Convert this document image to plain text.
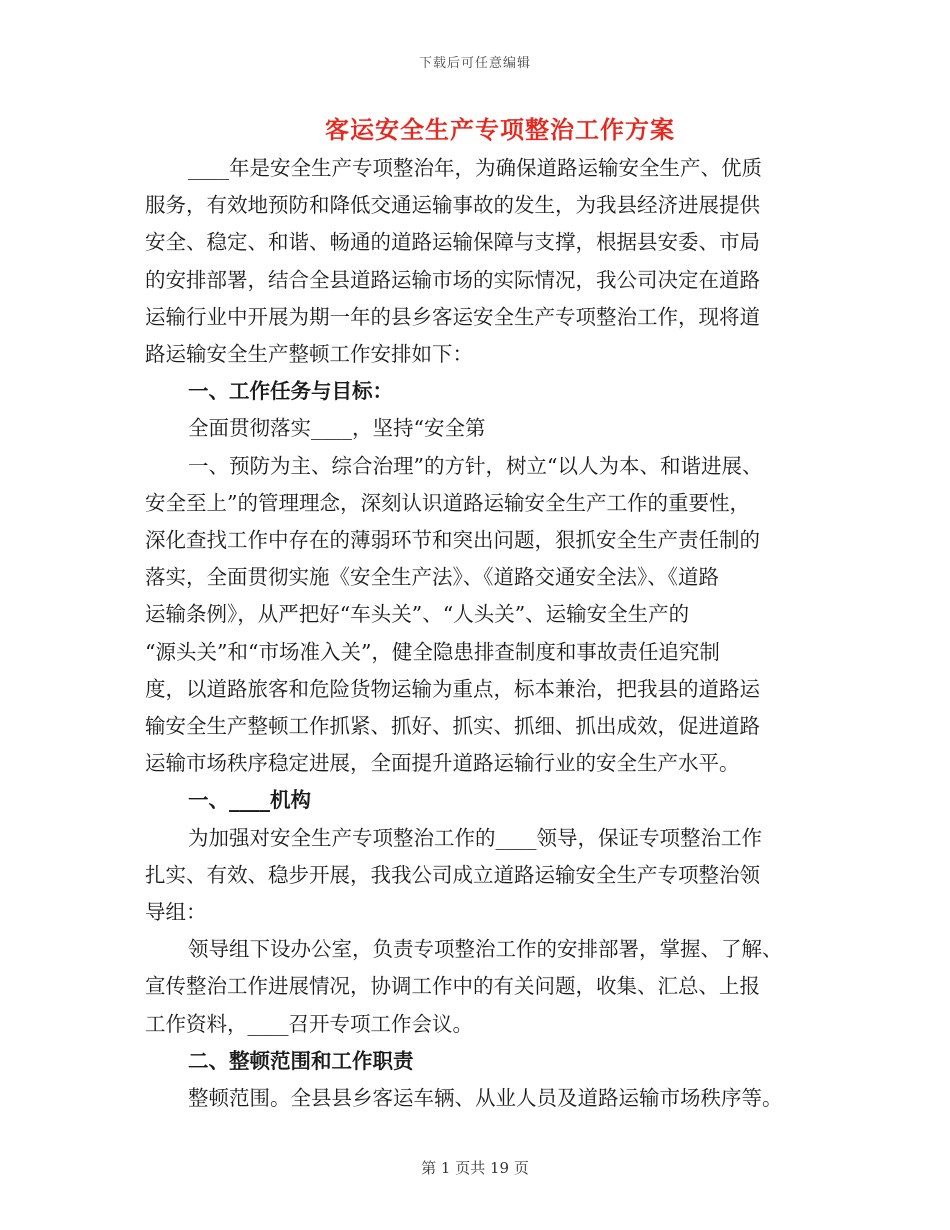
下载后可任意编辑
客运安全生产专项整治工作方案

____年是安全生产专项整治年，为确保道路运输安全生产、优质

服务，有效地预防和降低交通运输事故的发生，为我县经济进展提供

安全、稳定、和谐、畅通的道路运输保障与支撑，根据县安委、市局

的安排部署，结合全县道路运输市场的实际情况，我公司决定在道路

运输行业中开展为期一年的县乡客运安全生产专项整治工作，现将道

路运输安全生产整顿工作安排如下：

一、工作任务与目标：

全面贯彻落实____，坚持“安全第

一、预防为主、综合治理”的方针，树立“以人为本、和谐进展、

安全至上”的管理理念，深刻认识道路运输安全生产工作的重要性，

深化查找工作中存在的薄弱环节和突出问题，狠抓安全生产责任制的

落实，全面贯彻实施《安全生产法》、《道路交通安全法》、《道路

运输条例》，从严把好“车头关”、“人头关”、运输安全生产的

“源头关”和“市场准入关”，健全隐患排查制度和事故责任追究制

度，以道路旅客和危险货物运输为重点，标本兼治，把我县的道路运

输安全生产整顿工作抓紧、抓好、抓实、抓细、抓出成效，促进道路

运输市场秩序稳定进展，全面提升道路运输行业的安全生产水平。

一、____机构

为加强对安全生产专项整治工作的____领导，保证专项整治工作

扎实、有效、稳步开展，我我公司成立道路运输安全生产专项整治领

导组：

领导组下设办公室，负责专项整治工作的安排部署，掌握、了解、

宣传整治工作进展情况，协调工作中的有关问题，收集、汇总、上报

工作资料，____召开专项工作会议。

二、整顿范围和工作职责

整顿范围。全县县乡客运车辆、从业人员及道路运输市场秩序等。

第 1 页共 19 页
